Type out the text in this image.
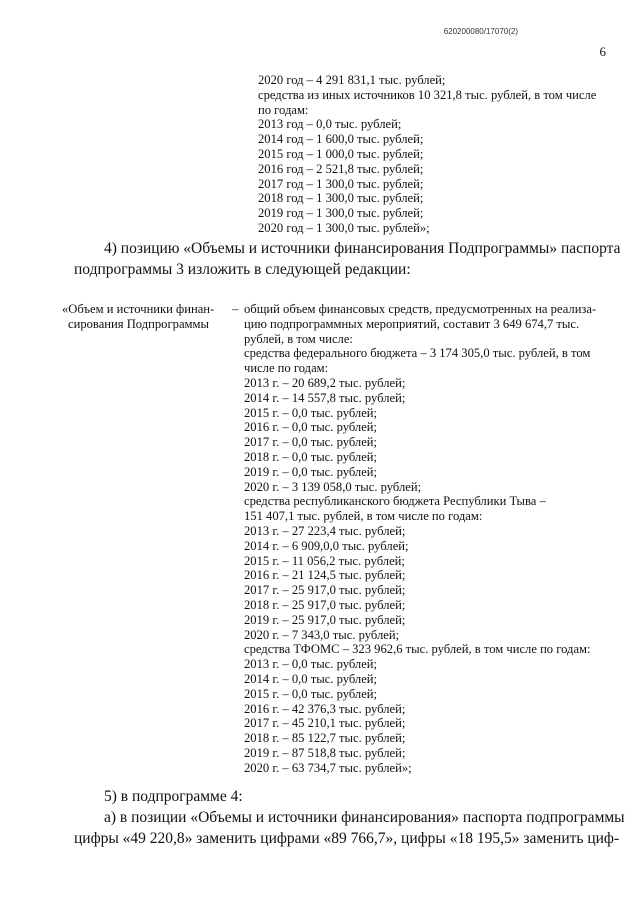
620200080/17070(2)
6
2020 год – 4 291 831,1 тыс. рублей;
средства из иных источников 10 321,8 тыс. рублей, в том числе
по годам:
2013 год – 0,0 тыс. рублей;
2014 год – 1 600,0 тыс. рублей;
2015 год – 1 000,0 тыс. рублей;
2016 год – 2 521,8 тыс. рублей;
2017 год – 1 300,0 тыс. рублей;
2018 год – 1 300,0 тыс. рублей;
2019 год – 1 300,0 тыс. рублей;
2020 год – 1 300,0 тыс. рублей»;
4) позицию «Объемы и источники финансирования Подпрограммы» паспорта
подпрограммы 3 изложить в следующей редакции:
«Объем и источники финан-
сирования Подпрограммы
– общий объем финансовых средств, предусмотренных на реализа-
цию подпрограммных мероприятий, составит 3 649 674,7 тыс.
рублей, в том числе:
средства федерального бюджета – 3 174 305,0 тыс. рублей, в том
числе по годам:
2013 г. – 20 689,2 тыс. рублей;
2014 г. – 14 557,8 тыс. рублей;
2015 г. – 0,0 тыс. рублей;
2016 г. – 0,0 тыс. рублей;
2017 г. – 0,0 тыс. рублей;
2018 г. – 0,0 тыс. рублей;
2019 г. – 0,0 тыс. рублей;
2020 г. – 3 139 058,0 тыс. рублей;
средства республиканского бюджета Республики Тыва –
151 407,1 тыс. рублей, в том числе по годам:
2013 г. – 27 223,4 тыс. рублей;
2014 г. – 6 909,0,0 тыс. рублей;
2015 г. – 11 056,2 тыс. рублей;
2016 г. – 21 124,5 тыс. рублей;
2017 г. – 25 917,0 тыс. рублей;
2018 г. – 25 917,0 тыс. рублей;
2019 г. – 25 917,0 тыс. рублей;
2020 г. – 7 343,0 тыс. рублей;
средства ТФОМС – 323 962,6 тыс. рублей, в том числе по годам:
2013 г. – 0,0 тыс. рублей;
2014 г. – 0,0 тыс. рублей;
2015 г. – 0,0 тыс. рублей;
2016 г. – 42 376,3 тыс. рублей;
2017 г. – 45 210,1 тыс. рублей;
2018 г. – 85 122,7 тыс. рублей;
2019 г. – 87 518,8 тыс. рублей;
2020 г. – 63 734,7 тыс. рублей»;
5) в подпрограмме 4:
а) в позиции «Объемы и источники финансирования» паспорта подпрограммы
цифры «49 220,8» заменить цифрами «89 766,7», цифры «18 195,5» заменить циф-
